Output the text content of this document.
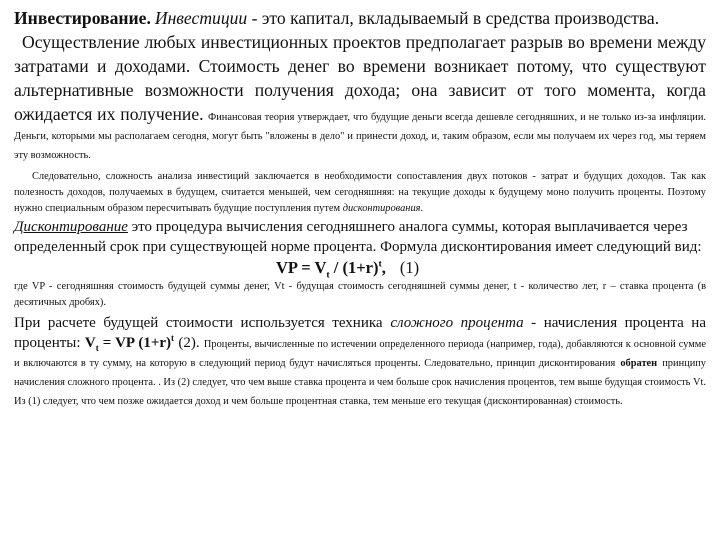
Инвестирование. Инвестиции - это капитал, вкладываемый в средства производства.
Осуществление любых инвестиционных проектов предполагает разрыв во времени между затратами и доходами. Стоимость денег во времени возникает потому, что существуют альтернативные возможности получения дохода; она зависит от того момента, когда ожидается их получение. Финансовая теория утверждает, что будущие деньги всегда дешевле сегодняшних, и не только из-за инфляции. Деньги, которыми мы располагаем сегодня, могут быть "вложены в дело" и принести доход, и, таким образом, если мы получаем их через год, мы теряем эту возможность.

Следовательно, сложность анализа инвестиций заключается в необходимости сопоставления двух потоков - затрат и будущих доходов. Так как полезность доходов, получаемых в будущем, считается меньшей, чем сегодняшняя: на текущие доходы к будущему моно получить проценты. Поэтому нужно специальным образом пересчитывать будущие поступления путем дисконтирования.

Дисконтирование это процедура вычисления сегодняшнего аналога суммы, которая выплачивается через определенный срок при существующей норме процента. Формула дисконтирования имеет следующий вид:

VP = $V_t / (1+r)^t$, (1)

где VP - сегодняшняя стоимость будущей суммы денег, Vt - будущая стоимость сегодняшней суммы денег, t - количество лет, r – ставка процента (в десятичных дробях).

При расчете будущей стоимости используется техника сложного процента - начисления процента на проценты: $V_t$ = VP $(1+r)^t$ (2). Проценты, вычисленные по истечении определенного периода (например, года), добавляются к основной сумме и включаются в ту сумму, на которую в следующий период будут начисляться проценты. Следовательно, принцип дисконтирования обратен принципу начисления сложного процента. . Из (2) следует, что чем выше ставка процента и чем больше срок начисления процентов, тем выше будущая стоимость Vt. Из (1) следует, что чем позже ожидается доход и чем больше процентная ставка, тем меньше его текущая (дисконтированная) стоимость.
